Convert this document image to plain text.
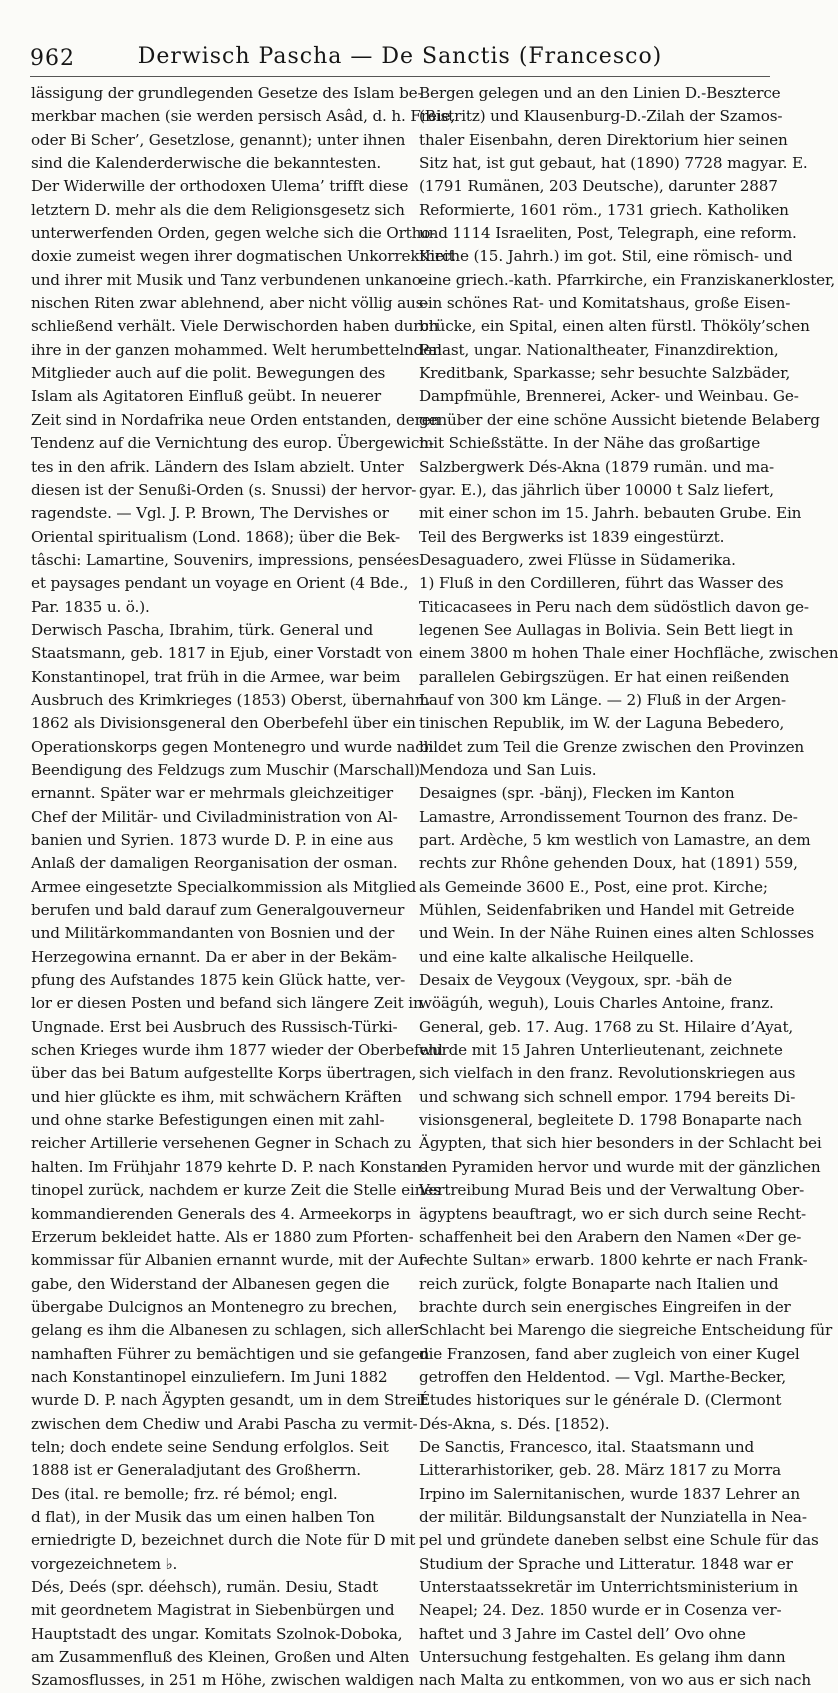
962	Derwisch Pascha — De Sanctis (Francesco)
lässigung der grundlegenden Gesetze des Islam be-
merkbar machen (sie werden persisch Asâd, d. h. Freie,
oder Bi Scher’, Gesetzlose, genannt); unter ihnen
sind die Kalenderderwische die bekanntesten.
Der Widerwille der orthodoxen Ulema’ trifft diese
letztern D. mehr als die dem Religionsgesetz sich
unterwerfenden Orden, gegen welche sich die Ortho-
doxie zumeist wegen ihrer dogmatischen Unkorrektheit
und ihrer mit Musik und Tanz verbundenen unkano-
nischen Riten zwar ablehnend, aber nicht völlig aus-
schließend verhält. Viele Derwischorden haben durch
ihre in der ganzen mohammed. Welt herumbettelnden
Mitglieder auch auf die polit. Bewegungen des
Islam als Agitatoren Einfluß geübt. In neuerer
Zeit sind in Nordafrika neue Orden entstanden, deren
Tendenz auf die Vernichtung des europ. Übergewich-
tes in den afrik. Ländern des Islam abzielt. Unter
diesen ist der Senußi-Orden (s. Snussi) der hervor-
ragendste. — Vgl. J. P. Brown, The Dervishes or
Oriental spiritualism (Lond. 1868); über die Bek-
tâschi: Lamartine, Souvenirs, impressions, pensées
et paysages pendant un voyage en Orient (4 Bde.,
Par. 1835 u. ö.).
Derwisch Pascha, Ibrahim, türk. General und
Staatsmann, geb. 1817 in Ejub, einer Vorstadt von
Konstantinopel, trat früh in die Armee, war beim
Ausbruch des Krimkrieges (1853) Oberst, übernahm
1862 als Divisionsgeneral den Oberbefehl über ein
Operationskorps gegen Montenegro und wurde nach
Beendigung des Feldzugs zum Muschir (Marschall)
ernannt. Später war er mehrmals gleichzeitiger
Chef der Militär- und Civiladministration von Al-
banien und Syrien. 1873 wurde D. P. in eine aus
Anlaß der damaligen Reorganisation der osman.
Armee eingesetzte Specialkommission als Mitglied
berufen und bald darauf zum Generalgouverneur
und Militärkommandanten von Bosnien und der
Herzegowina ernannt. Da er aber in der Bekäm-
pfung des Aufstandes 1875 kein Glück hatte, ver-
lor er diesen Posten und befand sich längere Zeit in
Ungnade. Erst bei Ausbruch des Russisch-Türki-
schen Krieges wurde ihm 1877 wieder der Oberbefehl
über das bei Batum aufgestellte Korps übertragen,
und hier glückte es ihm, mit schwächern Kräften
und ohne starke Befestigungen einen mit zahl-
reicher Artillerie versehenen Gegner in Schach zu
halten. Im Frühjahr 1879 kehrte D. P. nach Konstan-
tinopel zurück, nachdem er kurze Zeit die Stelle eines
kommandierenden Generals des 4. Armeekorps in
Erzerum bekleidet hatte. Als er 1880 zum Pforten-
kommissar für Albanien ernannt wurde, mit der Auf-
gabe, den Widerstand der Albanesen gegen die
übergabe Dulcignos an Montenegro zu brechen,
gelang es ihm die Albanesen zu schlagen, sich aller
namhaften Führer zu bemächtigen und sie gefangen
nach Konstantinopel einzuliefern. Im Juni 1882
wurde D. P. nach Ägypten gesandt, um in dem Streit
zwischen dem Chediw und Arabi Pascha zu vermit-
teln; doch endete seine Sendung erfolglos. Seit
1888 ist er Generaladjutant des Großherrn.
Des (ital. re bemolle; frz. ré bémol; engl.
d flat), in der Musik das um einen halben Ton
erniedrigte D, bezeichnet durch die Note für D mit
vorgezeichnetem ♭.
Dés, Deés (spr. déehsch), rumän. Desiu, Stadt
mit geordnetem Magistrat in Siebenbürgen und
Hauptstadt des ungar. Komitats Szolnok-Doboka,
am Zusammenfluß des Kleinen, Großen und Alten
Szamosflusses, in 251 m Höhe, zwischen waldigen
Bergen gelegen und an den Linien D.-Beszterce
(Bistritz) und Klausenburg-D.-Zilah der Szamos-
thaler Eisenbahn, deren Direktorium hier seinen
Sitz hat, ist gut gebaut, hat (1890) 7728 magyar. E.
(1791 Rumänen, 203 Deutsche), darunter 2887
Reformierte, 1601 röm., 1731 griech. Katholiken
und 1114 Israeliten, Post, Telegraph, eine reform.
Kirche (15. Jahrh.) im got. Stil, eine römisch- und
eine griech.-kath. Pfarrkirche, ein Franziskanerkloster,
ein schönes Rat- und Komitatshaus, große Eisen-
brücke, ein Spital, einen alten fürstl. Thököly’schen
Palast, ungar. Nationaltheater, Finanzdirektion,
Kreditbank, Sparkasse; sehr besuchte Salzbäder,
Dampfmühle, Brennerei, Acker- und Weinbau. Ge-
genüber der eine schöne Aussicht bietende Belaberg
mit Schießstätte. In der Nähe das großartige
Salzbergwerk Dés-Akna (1879 rumän. und ma-
gyar. E.), das jährlich über 10000 t Salz liefert,
mit einer schon im 15. Jahrh. bebauten Grube. Ein
Teil des Bergwerks ist 1839 eingestürzt.
Desaguadero, zwei Flüsse in Südamerika.
1) Fluß in den Cordilleren, führt das Wasser des
Titicacasees in Peru nach dem südöstlich davon ge-
legenen See Aullagas in Bolivia. Sein Bett liegt in
einem 3800 m hohen Thale einer Hochfläche, zwischen
parallelen Gebirgszügen. Er hat einen reißenden
Lauf von 300 km Länge. — 2) Fluß in der Argen-
tinischen Republik, im W. der Laguna Bebedero,
bildet zum Teil die Grenze zwischen den Provinzen
Mendoza und San Luis.
Desaignes (spr. -bänj), Flecken im Kanton
Lamastre, Arrondissement Tournon des franz. De-
part. Ardèche, 5 km westlich von Lamastre, an dem
rechts zur Rhône gehenden Doux, hat (1891) 559,
als Gemeinde 3600 E., Post, eine prot. Kirche;
Mühlen, Seidenfabriken und Handel mit Getreide
und Wein. In der Nähe Ruinen eines alten Schlosses
und eine kalte alkalische Heilquelle.
Desaix de Veygoux (Veygoux, spr. -bäh de
wöägúh, weguh), Louis Charles Antoine, franz.
General, geb. 17. Aug. 1768 zu St. Hilaire d’Ayat,
wurde mit 15 Jahren Unterlieutenant, zeichnete
sich vielfach in den franz. Revolutionskriegen aus
und schwang sich schnell empor. 1794 bereits Di-
visionsgeneral, begleitete D. 1798 Bonaparte nach
Ägypten, that sich hier besonders in der Schlacht bei
den Pyramiden hervor und wurde mit der gänzlichen
Vertreibung Murad Beis und der Verwaltung Ober-
ägyptens beauftragt, wo er sich durch seine Recht-
schaffenheit bei den Arabern den Namen «Der ge-
rechte Sultan» erwarb. 1800 kehrte er nach Frank-
reich zurück, folgte Bonaparte nach Italien und
brachte durch sein energisches Eingreifen in der
Schlacht bei Marengo die siegreiche Entscheidung für
die Franzosen, fand aber zugleich von einer Kugel
getroffen den Heldentod. — Vgl. Marthe-Becker,
Études historiques sur le générale D. (Clermont
Dés-Akna, s. Dés. [1852).
De Sanctis, Francesco, ital. Staatsmann und
Litterarhistoriker, geb. 28. März 1817 zu Morra
Irpino im Salernitanischen, wurde 1837 Lehrer an
der militär. Bildungsanstalt der Nunziatella in Nea-
pel und gründete daneben selbst eine Schule für das
Studium der Sprache und Litteratur. 1848 war er
Unterstaatssekretär im Unterrichtsministerium in
Neapel; 24. Dez. 1850 wurde er in Cosenza ver-
haftet und 3 Jahre im Castel dell’ Ovo ohne
Untersuchung festgehalten. Es gelang ihm dann
nach Malta zu entkommen, von wo aus er sich nach
